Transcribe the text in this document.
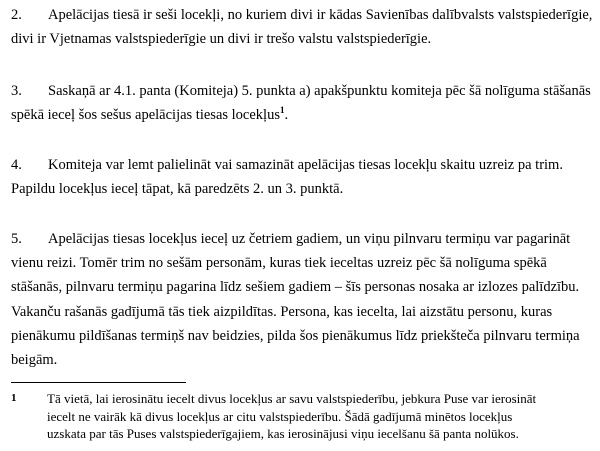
2. Apelācijas tiesā ir seši locekļi, no kuriem divi ir kādas Savienības dalībvalsts valstspiederīgie,
divi ir Vjetnamas valstspiederīgie un divi ir trešo valstu valstspiederīgie.
3. Saskaņā ar 4.1. panta (Komiteja) 5. punkta a) apakšpunktu komiteja pēc šā nolīguma stāšanās
spēkā ieceļ šos sešus apelācijas tiesas locekļus$^1$.
4. Komiteja var lemt palielināt vai samazināt apelācijas tiesas locekļu skaitu uzreiz pa trim.
Papildu locekļus ieceļ tāpat, kā paredzēts 2. un 3. punktā.
5. Apelācijas tiesas locekļus ieceļ uz četriem gadiem, un viņu pilnvaru termiņu var pagarināt
vienu reizi. Tomēr trim no sešām personām, kuras tiek ieceltas uzreiz pēc šā nolīguma spēkā
stāšanās, pilnvaru termiņu pagarina līdz sešiem gadiem – šīs personas nosaka ar izlozes palīdzību.
Vakanču rašanās gadījumā tās tiek aizpildītas. Persona, kas iecelta, lai aizstātu personu, kuras
pienākumu pildīšanas termiņš nav beidzies, pilda šos pienākumus līdz priekšteča pilnvaru termiņa
beigām.
1 Tā vietā, lai ierosinātu iecelt divus locekļus ar savu valstspiederību, jebkura Puse var ierosināt
iecelt ne vairāk kā divus locekļus ar citu valstspiederību. Šādā gadījumā minētos locekļus
uzskata par tās Puses valstspiederīgajiem, kas ierosinājusi viņu iecelšanu šā panta nolūkos.
